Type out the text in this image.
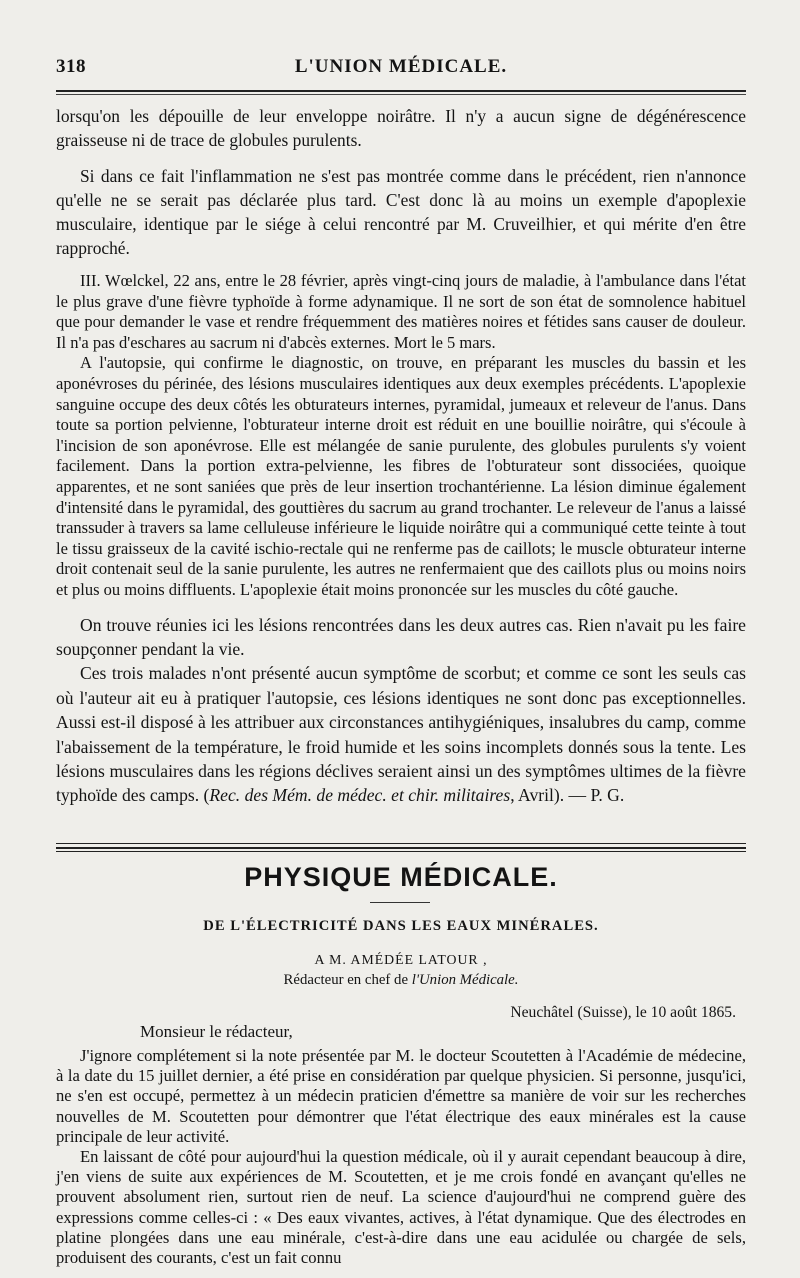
318	L'UNION MÉDICALE.

lorsqu'on les dépouille de leur enveloppe noirâtre. Il n'y a aucun signe de dégénérescence graisseuse ni de trace de globules purulents.

Si dans ce fait l'inflammation ne s'est pas montrée comme dans le précédent, rien n'annonce qu'elle ne se serait pas déclarée plus tard. C'est donc là au moins un exemple d'apoplexie musculaire, identique par le siége à celui rencontré par M. Cruveilhier, et qui mérite d'en être rapproché.

III. Wœlckel, 22 ans, entre le 28 février, après vingt-cinq jours de maladie, à l'ambulance dans l'état le plus grave d'une fièvre typhoïde à forme adynamique. Il ne sort de son état de somnolence habituel que pour demander le vase et rendre fréquemment des matières noires et fétides sans causer de douleur. Il n'a pas d'eschares au sacrum ni d'abcès externes. Mort le 5 mars.

A l'autopsie, qui confirme le diagnostic, on trouve, en préparant les muscles du bassin et les aponévroses du périnée, des lésions musculaires identiques aux deux exemples précédents. L'apoplexie sanguine occupe des deux côtés les obturateurs internes, pyramidal, jumeaux et releveur de l'anus. Dans toute sa portion pelvienne, l'obturateur interne droit est réduit en une bouillie noirâtre, qui s'écoule à l'incision de son aponévrose. Elle est mélangée de sanie purulente, des globules purulents s'y voient facilement. Dans la portion extra-pelvienne, les fibres de l'obturateur sont dissociées, quoique apparentes, et ne sont saniées que près de leur insertion trochantérienne. La lésion diminue également d'intensité dans le pyramidal, des gouttières du sacrum au grand trochanter. Le releveur de l'anus a laissé transsuder à travers sa lame celluleuse inférieure le liquide noirâtre qui a communiqué cette teinte à tout le tissu graisseux de la cavité ischio-rectale qui ne renferme pas de caillots; le muscle obturateur interne droit contenait seul de la sanie purulente, les autres ne renfermaient que des caillots plus ou moins noirs et plus ou moins diffluents. L'apoplexie était moins prononcée sur les muscles du côté gauche.

On trouve réunies ici les lésions rencontrées dans les deux autres cas. Rien n'avait pu les faire soupçonner pendant la vie.

Ces trois malades n'ont présenté aucun symptôme de scorbut; et comme ce sont les seuls cas où l'auteur ait eu à pratiquer l'autopsie, ces lésions identiques ne sont donc pas exceptionnelles. Aussi est-il disposé à les attribuer aux circonstances antihygiéniques, insalubres du camp, comme l'abaissement de la température, le froid humide et les soins incomplets donnés sous la tente. Les lésions musculaires dans les régions déclives seraient ainsi un des symptômes ultimes de la fièvre typhoïde des camps. (Rec. des Mém. de médec. et chir. militaires, Avril). — P. G.

PHYSIQUE MÉDICALE.
DE L'ÉLECTRICITÉ DANS LES EAUX MINÉRALES.
A M. AMÉDÉE LATOUR ,
Rédacteur en chef de l'Union Médicale.
Neuchâtel (Suisse), le 10 août 1865.
Monsieur le rédacteur,

J'ignore complétement si la note présentée par M. le docteur Scoutetten à l'Académie de médecine, à la date du 15 juillet dernier, a été prise en considération par quelque physicien. Si personne, jusqu'ici, ne s'en est occupé, permettez à un médecin praticien d'émettre sa manière de voir sur les recherches nouvelles de M. Scoutetten pour démontrer que l'état électrique des eaux minérales est la cause principale de leur activité.

En laissant de côté pour aujourd'hui la question médicale, où il y aurait cependant beaucoup à dire, j'en viens de suite aux expériences de M. Scoutetten, et je me crois fondé en avançant qu'elles ne prouvent absolument rien, surtout rien de neuf. La science d'aujourd'hui ne comprend guère des expressions comme celles-ci : « Des eaux vivantes, actives, à l'état dynamique. Que des électrodes en platine plongées dans une eau minérale, c'est-à-dire dans une eau acidulée ou chargée de sels, produisent des courants, c'est un fait connu
